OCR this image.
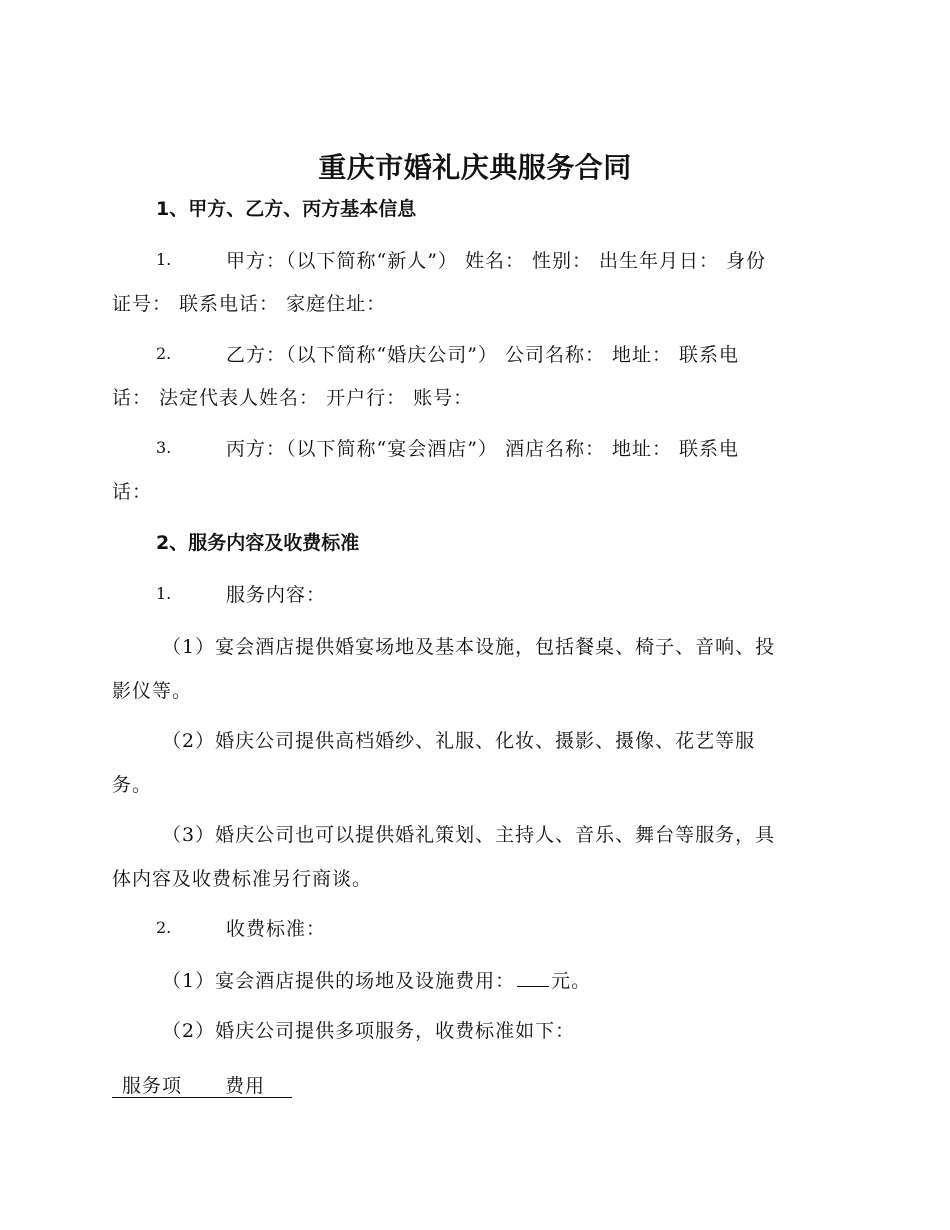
重庆市婚礼庆典服务合同
1、甲方、乙方、丙方基本信息
1.	甲方：（以下简称“新人”） 姓名： 性别： 出生年月日： 身份
证号： 联系电话： 家庭住址：
2.	乙方：（以下简称“婚庆公司”） 公司名称： 地址： 联系电
话： 法定代表人姓名： 开户行： 账号：
3.	丙方：（以下简称“宴会酒店”） 酒店名称： 地址： 联系电
话：
2、服务内容及收费标准
1.	服务内容：
（1）宴会酒店提供婚宴场地及基本设施，包括餐桌、椅子、音响、投
影仪等。
（2）婚庆公司提供高档婚纱、礼服、化妆、摄影、摄像、花艺等服
务。
（3）婚庆公司也可以提供婚礼策划、主持人、音乐、舞台等服务，具
体内容及收费标准另行商谈。
2.	收费标准：
（1）宴会酒店提供的场地及设施费用： 元。
（2）婚庆公司提供多项服务，收费标准如下：
服务项 费用
